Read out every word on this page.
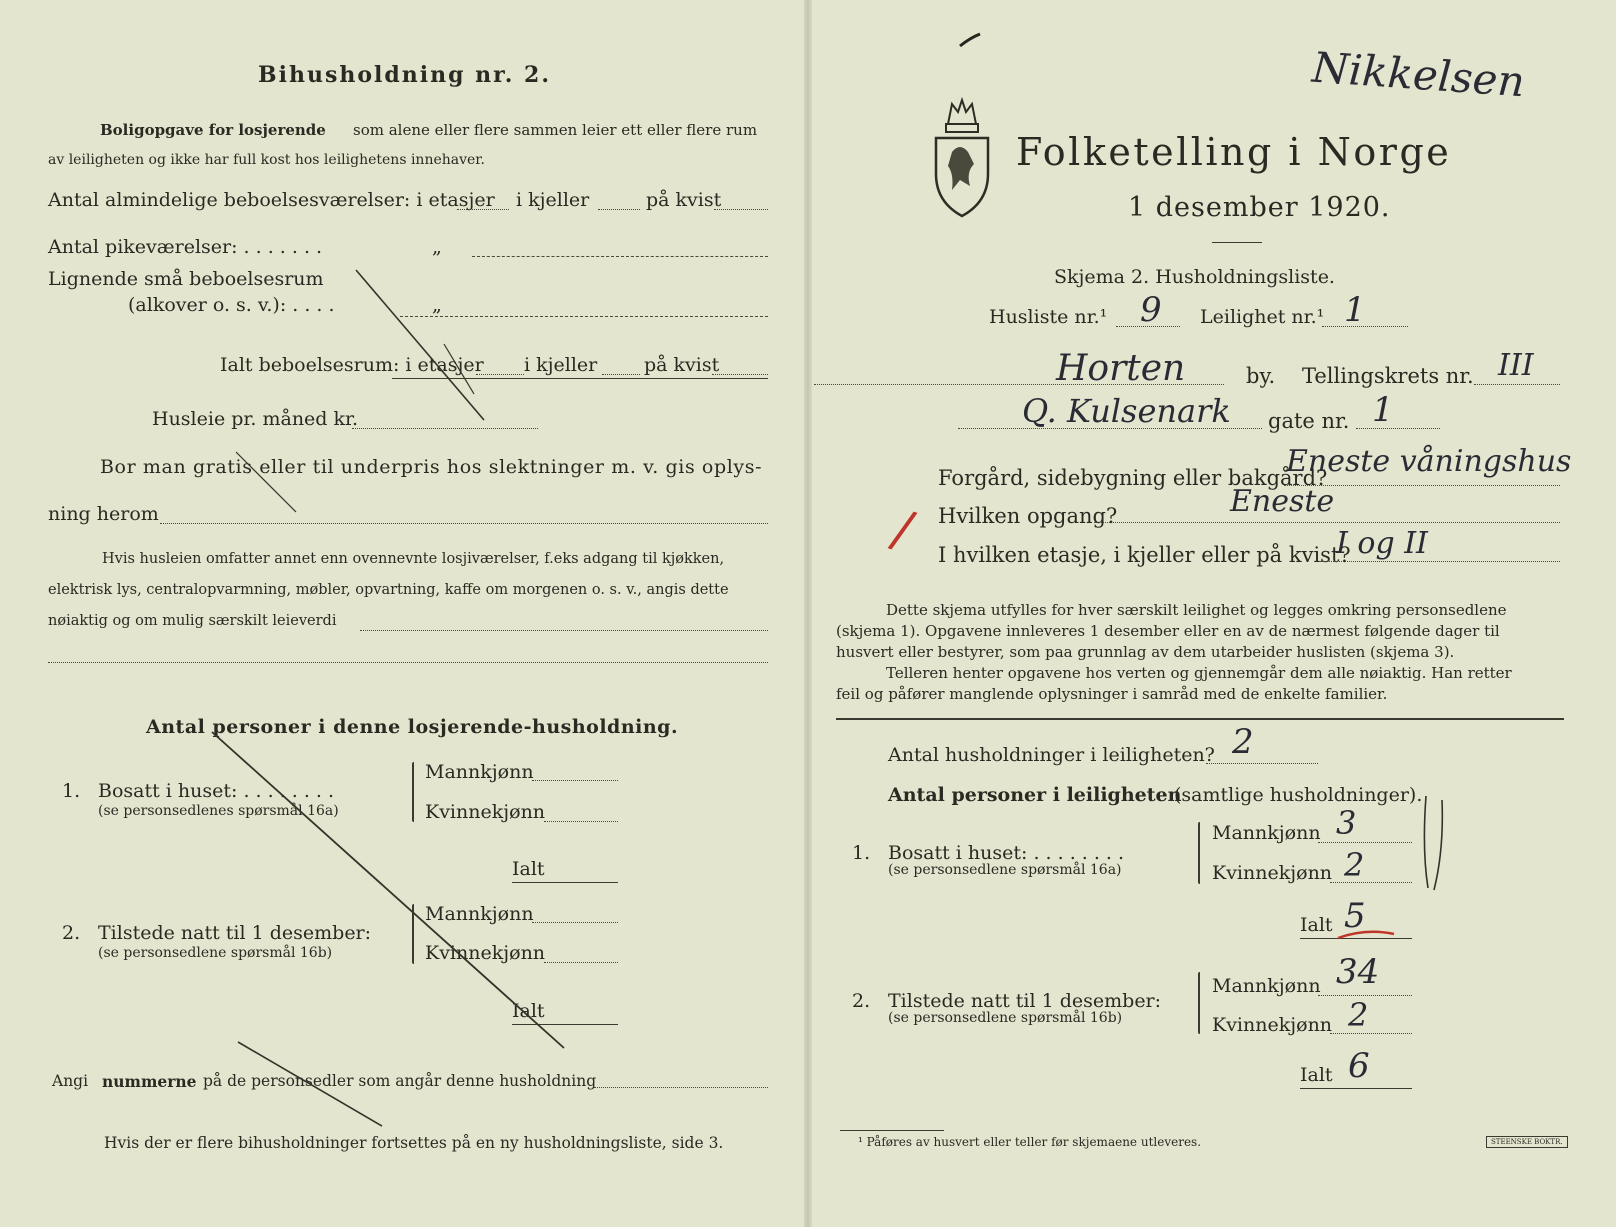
Bihusholdning nr. 2.
Boligopgave for losjerende som alene eller flere sammen leier ett eller flere rum
av leiligheten og ikke har full kost hos leilighetens innehaver.
Antal almindelige beboelsesværelser: i etasjer i kjeller	på kvist
Antal pikeværelser: . . . . . . .	„
Lignende små beboelsesrum
(alkover o. s. v.): . . . .	„
Ialt beboelsesrum: i etasjer i kjeller på kvist
Husleie pr. måned kr.
Bor man gratis eller til underpris hos slektninger m. v. gis oplys-
ning herom
Hvis husleien omfatter annet enn ovennevnte losjiværelser, f.eks adgang til kjøkken,
elektrisk lys, centralopvarmning, møbler, opvartning, kaffe om morgenen o. s. v., angis dette
nøiaktig og om mulig særskilt leieverdi
Antal personer i denne losjerende-husholdning.
1. Bosatt i huset: . . . . . . . .
(se personsedlenes spørsmål 16a)
Mannkjønn
Kvinnekjønn
Ialt
2. Tilstede natt til 1 desember:
(se personsedlene spørsmål 16b)
Mannkjønn
Kvinnekjønn
Ialt
Angi nummerne på de personsedler som angår denne husholdning
Hvis der er flere bihusholdninger fortsettes på en ny husholdningsliste, side 3.
Nikkelsen
Folketelling i Norge
1 desember 1920.
Skjema 2. Husholdningsliste.
Husliste nr.¹ 9 Leilighet nr.¹ 1
Horten	by. Tellingskrets nr. III
Q. Kulsenark gate nr. 1
Forgård, sidebygning eller bakgård?
Eneste våningshus
Hvilken opgang?	Eneste
/ I hvilken etasje, i kjeller eller på kvist?
I og II
Dette skjema utfylles for hver særskilt leilighet og legges omkring personsedlene
(skjema 1). Opgavene innleveres 1 desember eller en av de nærmest følgende dager til
husvert eller bestyrer, som paa grunnlag av dem utarbeider huslisten (skjema 3).
Telleren henter opgavene hos verten og gjennemgår dem alle nøiaktig. Han retter
feil og påfører manglende oplysninger i samråd med de enkelte familier.
Antal husholdninger i leiligheten? 2
Antal personer i leiligheten
(samtlige husholdninger).
1. Bosatt i huset: . . . . . . . .
(se personsedlene spørsmål 16a)
Mannkjønn 3
Kvinnekjønn 2
Ialt 5
2. Tilstede natt til 1 desember:
(se personsedlene spørsmål 16b)
Mannkjønn 34
Kvinnekjønn 2
Ialt 6
¹ Påføres av husvert eller teller før skjemaene utleveres.	STEENSKE BOKTR.
